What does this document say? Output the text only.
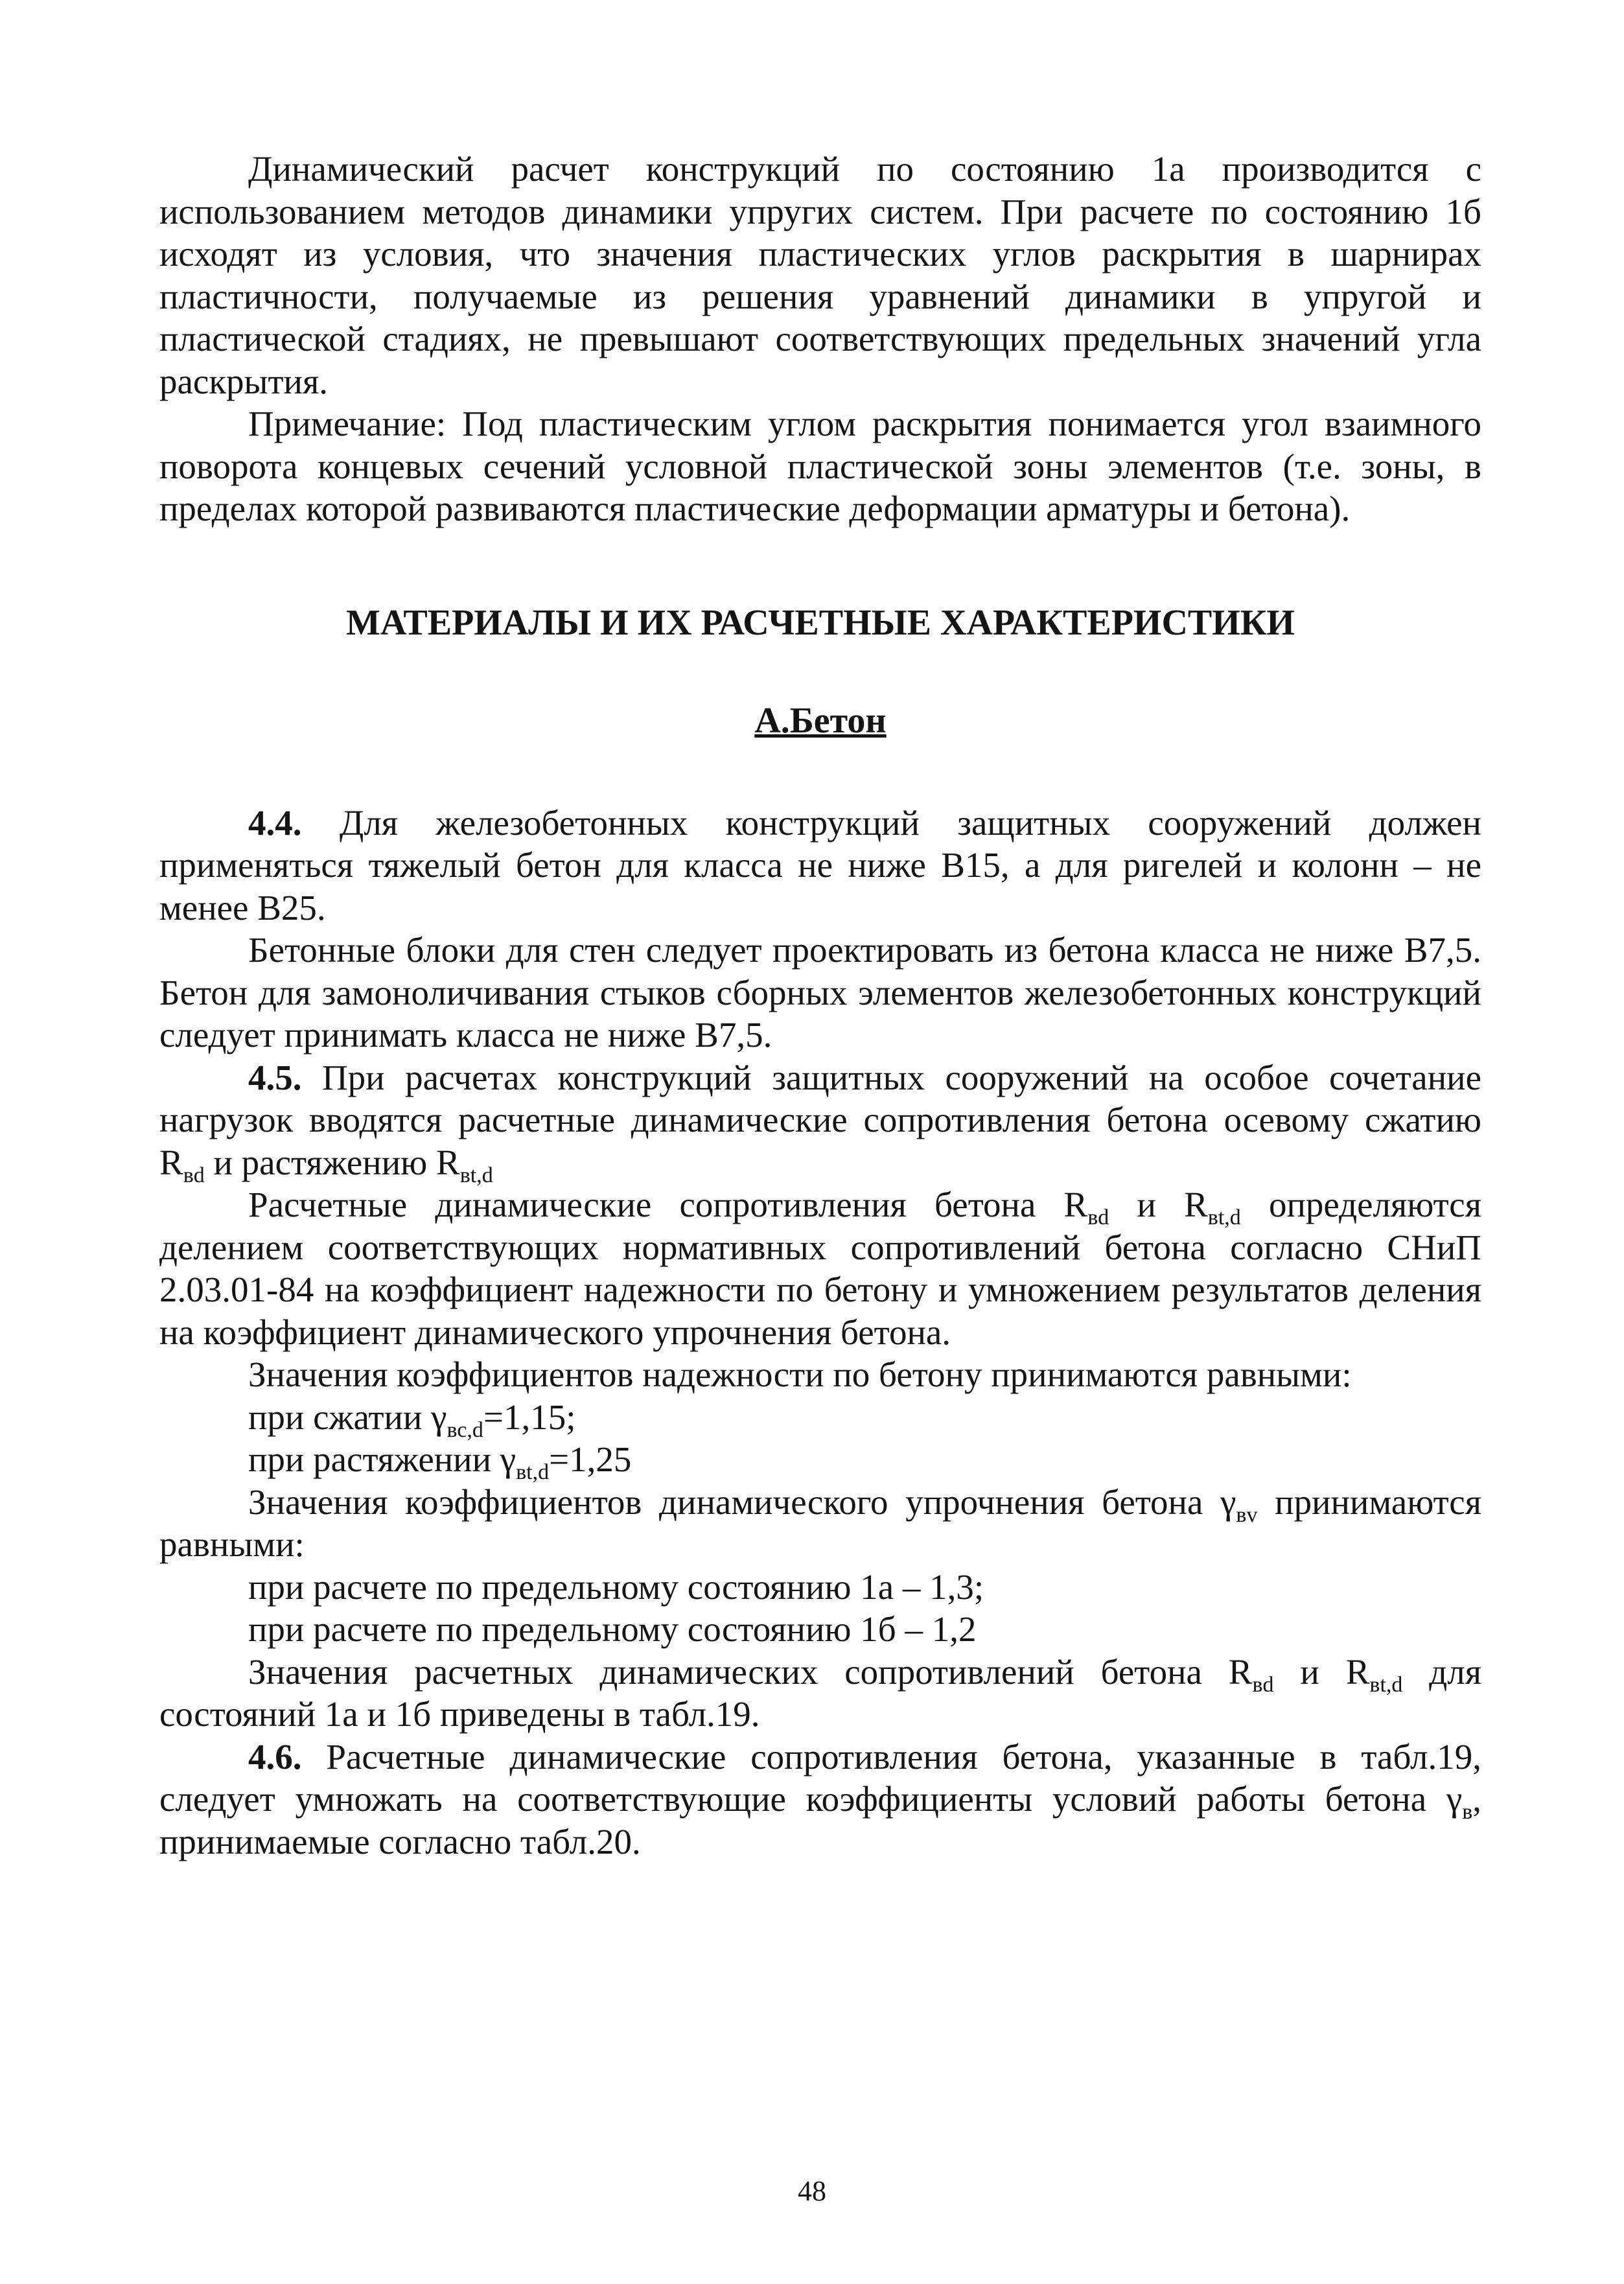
Динамический расчет конструкций по состоянию 1а производится с использованием методов динамики упругих систем. При расчете по состоянию 1б исходят из условия, что значения пластических углов раскрытия в шарнирах пластичности, получаемые из решения уравнений динамики в упругой и пластической стадиях, не превышают соответствующих предельных значений угла раскрытия.

Примечание: Под пластическим углом раскрытия понимается угол взаимного поворота концевых сечений условной пластической зоны элементов (т.е. зоны, в пределах которой развиваются пластические деформации арматуры и бетона).

МАТЕРИАЛЫ И ИХ РАСЧЕТНЫЕ ХАРАКТЕРИСТИКИ

А.Бетон

4.4. Для железобетонных конструкций защитных сооружений должен применяться тяжелый бетон для класса не ниже В15, а для ригелей и колонн – не менее В25.

Бетонные блоки для стен следует проектировать из бетона класса не ниже В7,5. Бетон для замоноличивания стыков сборных элементов железобетонных конструкций следует принимать класса не ниже В7,5.

4.5. При расчетах конструкций защитных сооружений на особое сочетание нагрузок вводятся расчетные динамические сопротивления бетона осевому сжатию $R_{вd}$ и растяжению $R_{вt,d}$

Расчетные динамические сопротивления бетона $R_{вd}$ и $R_{вt,d}$ определяются делением соответствующих нормативных сопротивлений бетона согласно СНиП 2.03.01-84 на коэффициент надежности по бетону и умножением результатов деления на коэффициент динамического упрочнения бетона.

Значения коэффициентов надежности по бетону принимаются равными:

при сжатии $\gamma_{вс,d}=1,15$;

при растяжении $\gamma_{вt,d}=1,25$

Значения коэффициентов динамического упрочнения бетона $\gamma_{вv}$ принимаются равными:

при расчете по предельному состоянию 1а – 1,3;

при расчете по предельному состоянию 1б – 1,2

Значения расчетных динамических сопротивлений бетона $R_{вd}$ и $R_{вt,d}$ для состояний 1а и 1б приведены в табл.19.

4.6. Расчетные динамические сопротивления бетона, указанные в табл.19, следует умножать на соответствующие коэффициенты условий работы бетона $\gamma_в$, принимаемые согласно табл.20.

48
